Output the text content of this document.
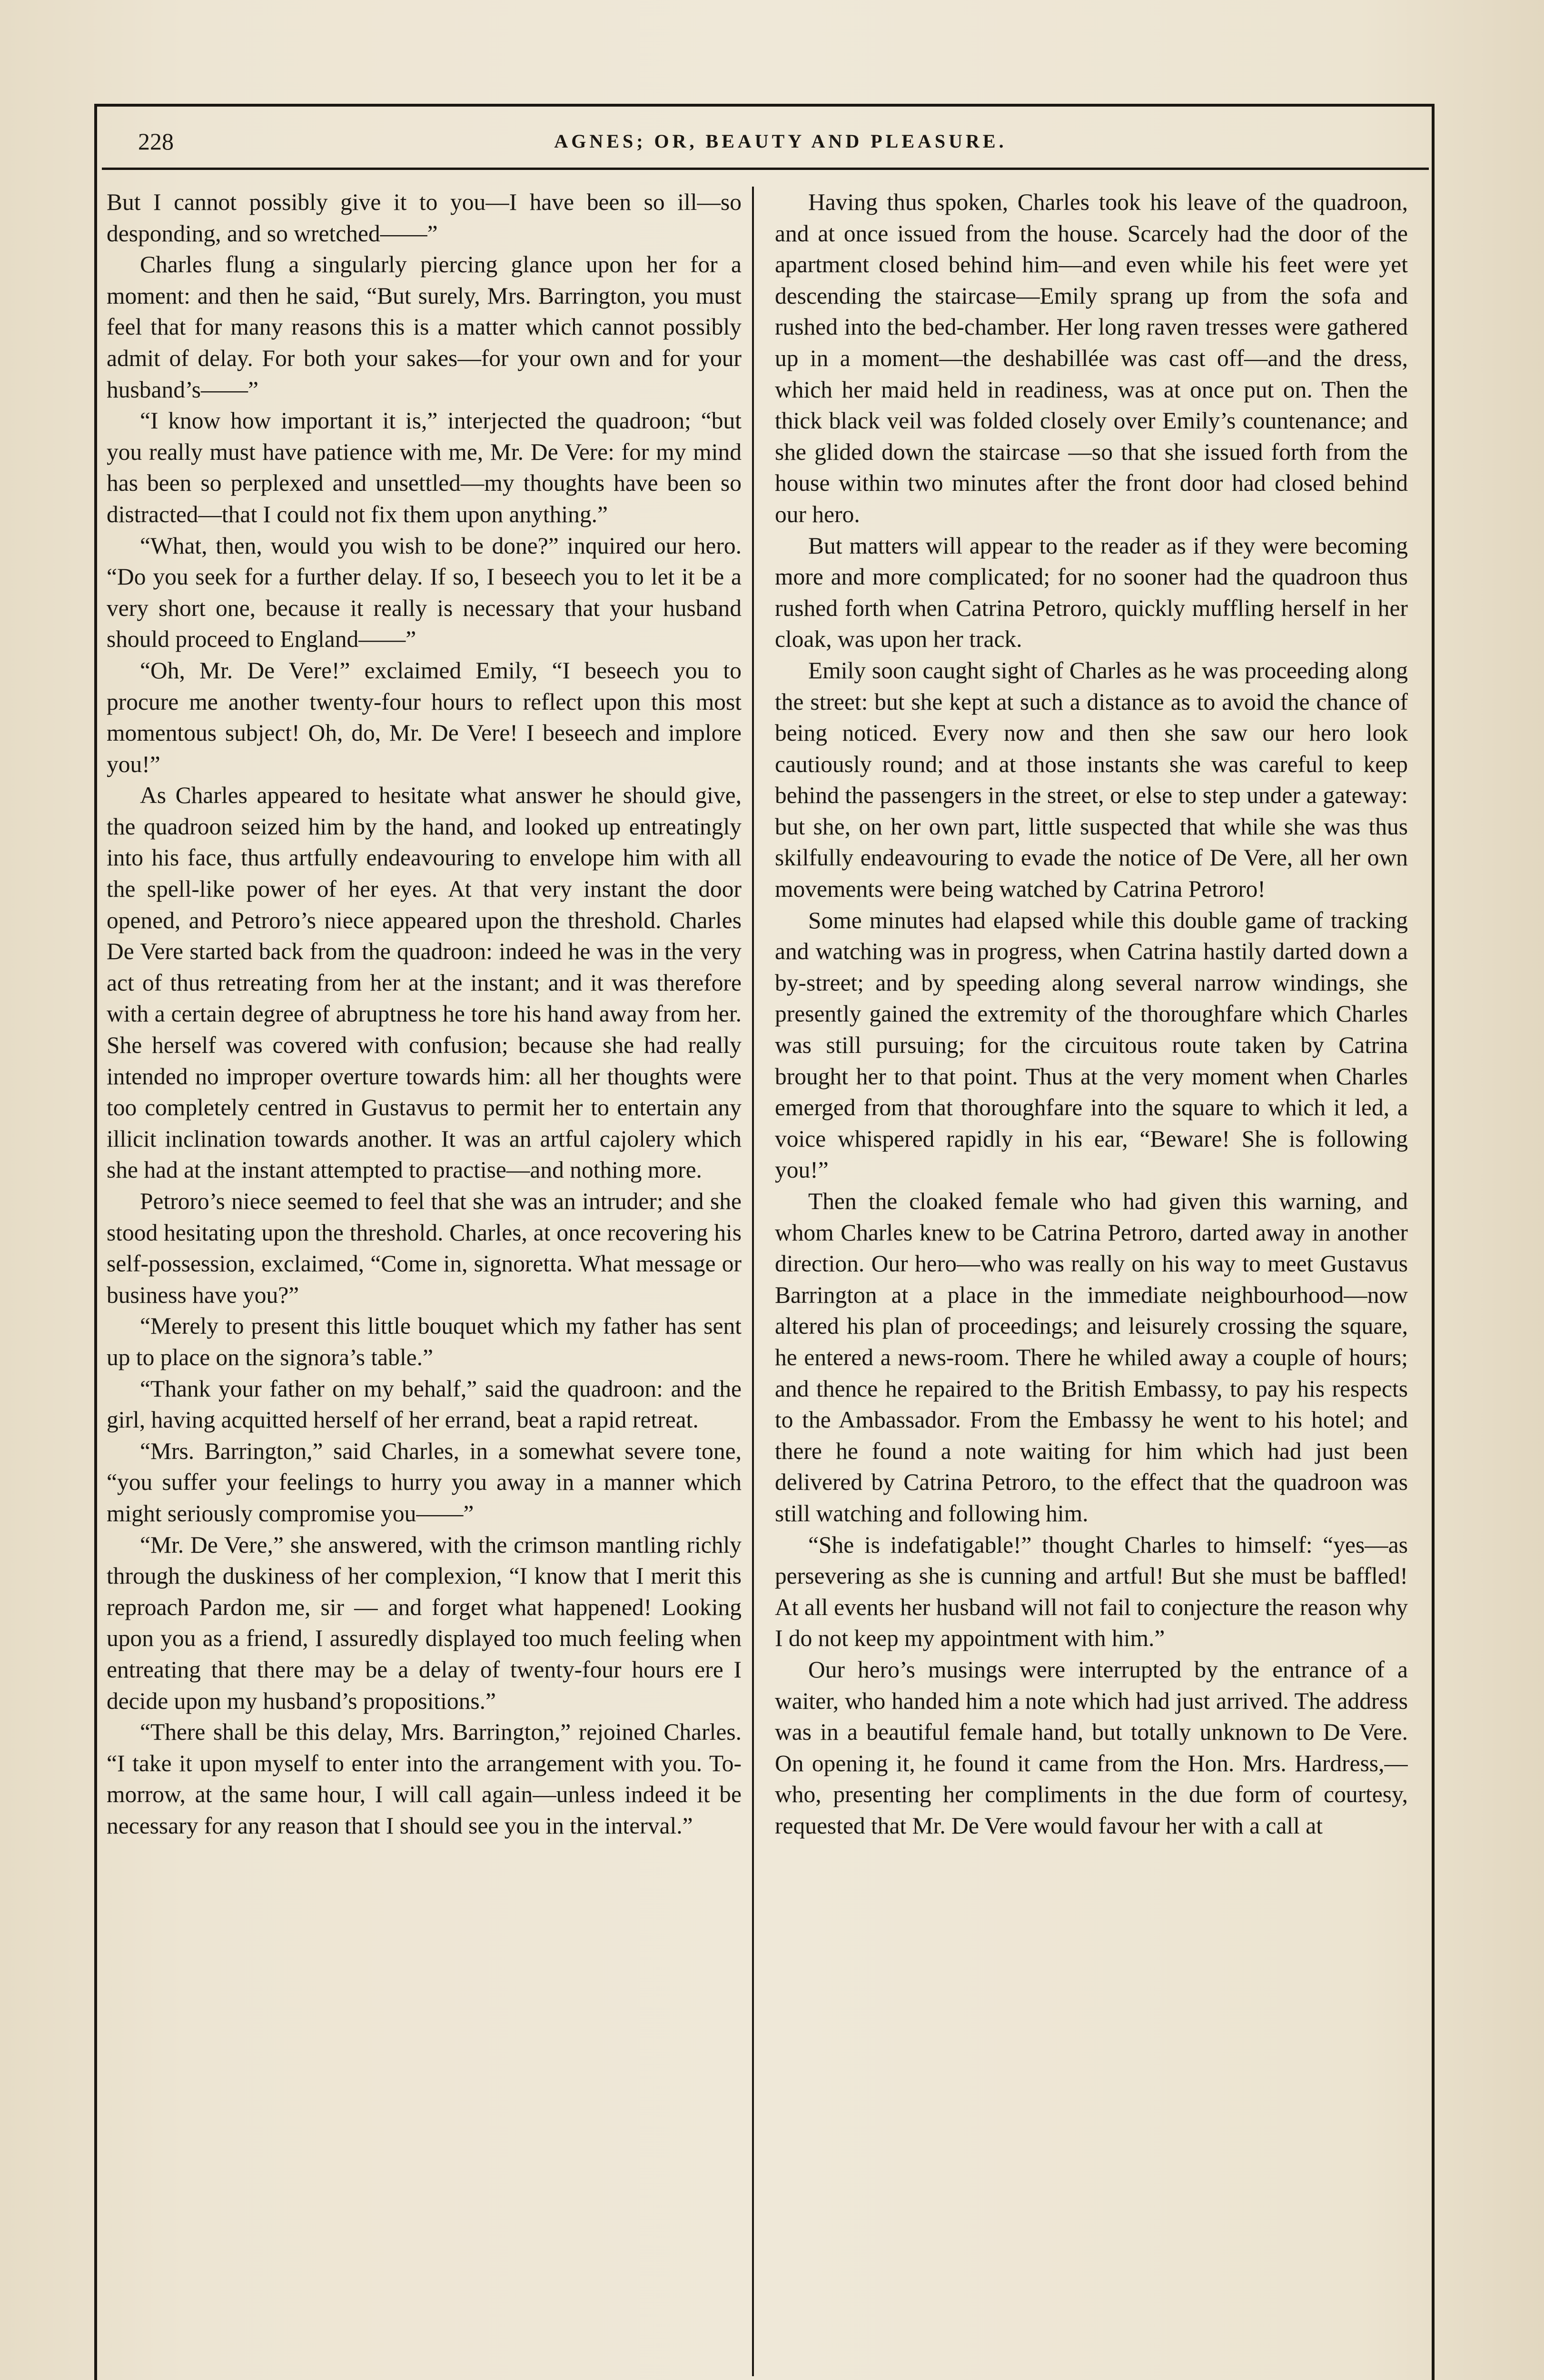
228	AGNES; OR, BEAUTY AND PLEASURE.

But I cannot possibly give it to you—I have been so ill—so desponding, and so wretched——”

Charles flung a singularly piercing glance upon her for a moment: and then he said, “But surely, Mrs. Barrington, you must feel that for many reasons this is a matter which cannot possibly admit of delay. For both your sakes—for your own and for your husband’s——”

“I know how important it is,” interjected the quadroon; “but you really must have patience with me, Mr. De Vere: for my mind has been so perplexed and unsettled—my thoughts have been so distracted—that I could not fix them upon anything.”

“What, then, would you wish to be done?” inquired our hero. “Do you seek for a further delay. If so, I beseech you to let it be a very short one, because it really is necessary that your husband should proceed to England——”

“Oh, Mr. De Vere!” exclaimed Emily, “I beseech you to procure me another twenty-four hours to reflect upon this most momentous subject! Oh, do, Mr. De Vere! I beseech and implore you!”

As Charles appeared to hesitate what answer he should give, the quadroon seized him by the hand, and looked up entreatingly into his face, thus artfully endeavouring to envelope him with all the spell-like power of her eyes. At that very instant the door opened, and Petroro’s niece appeared upon the threshold. Charles De Vere started back from the quadroon: indeed he was in the very act of thus retreating from her at the instant; and it was therefore with a certain degree of abruptness he tore his hand away from her. She herself was covered with confusion; because she had really intended no improper overture towards him: all her thoughts were too completely centred in Gustavus to permit her to entertain any illicit inclination towards another. It was an artful cajolery which she had at the instant attempted to practise—and nothing more.

Petroro’s niece seemed to feel that she was an intruder; and she stood hesitating upon the threshold. Charles, at once recovering his self-possession, exclaimed, “Come in, signoretta. What message or business have you?”

“Merely to present this little bouquet which my father has sent up to place on the signora’s table.”

“Thank your father on my behalf,” said the quadroon: and the girl, having acquitted herself of her errand, beat a rapid retreat.

“Mrs. Barrington,” said Charles, in a somewhat severe tone, “you suffer your feelings to hurry you away in a manner which might seriously compromise you——”

“Mr. De Vere,” she answered, with the crimson mantling richly through the duskiness of her complexion, “I know that I merit this reproach Pardon me, sir — and forget what happened! Looking upon you as a friend, I assuredly displayed too much feeling when entreating that there may be a delay of twenty-four hours ere I decide upon my husband’s propositions.”

“There shall be this delay, Mrs. Barrington,” rejoined Charles. “I take it upon myself to enter into the arrangement with you. To-morrow, at the same hour, I will call again—unless indeed it be necessary for any reason that I should see you in the interval.”

Having thus spoken, Charles took his leave of the quadroon, and at once issued from the house. Scarcely had the door of the apartment closed behind him—and even while his feet were yet descending the staircase—Emily sprang up from the sofa and rushed into the bed-chamber. Her long raven tresses were gathered up in a moment—the deshabillée was cast off—and the dress, which her maid held in readiness, was at once put on. Then the thick black veil was folded closely over Emily’s countenance; and she glided down the staircase —so that she issued forth from the house within two minutes after the front door had closed behind our hero.

But matters will appear to the reader as if they were becoming more and more complicated; for no sooner had the quadroon thus rushed forth when Catrina Petroro, quickly muffling herself in her cloak, was upon her track.

Emily soon caught sight of Charles as he was proceeding along the street: but she kept at such a distance as to avoid the chance of being noticed. Every now and then she saw our hero look cautiously round; and at those instants she was careful to keep behind the passengers in the street, or else to step under a gateway: but she, on her own part, little suspected that while she was thus skilfully endeavouring to evade the notice of De Vere, all her own movements were being watched by Catrina Petroro!

Some minutes had elapsed while this double game of tracking and watching was in progress, when Catrina hastily darted down a by-street; and by speeding along several narrow windings, she presently gained the extremity of the thoroughfare which Charles was still pursuing; for the circuitous route taken by Catrina brought her to that point. Thus at the very moment when Charles emerged from that thoroughfare into the square to which it led, a voice whispered rapidly in his ear, “Beware! She is following you!”

Then the cloaked female who had given this warning, and whom Charles knew to be Catrina Petroro, darted away in another direction. Our hero—who was really on his way to meet Gustavus Barrington at a place in the immediate neighbourhood—now altered his plan of proceedings; and leisurely crossing the square, he entered a news-room. There he whiled away a couple of hours; and thence he repaired to the British Embassy, to pay his respects to the Ambassador. From the Embassy he went to his hotel; and there he found a note waiting for him which had just been delivered by Catrina Petroro, to the effect that the quadroon was still watching and following him.

“She is indefatigable!” thought Charles to himself: “yes—as persevering as she is cunning and artful! But she must be baffled! At all events her husband will not fail to conjecture the reason why I do not keep my appointment with him.”

Our hero’s musings were interrupted by the entrance of a waiter, who handed him a note which had just arrived. The address was in a beautiful female hand, but totally unknown to De Vere. On opening it, he found it came from the Hon. Mrs. Hardress,—who, presenting her compliments in the due form of courtesy, requested that Mr. De Vere would favour her with a call at
